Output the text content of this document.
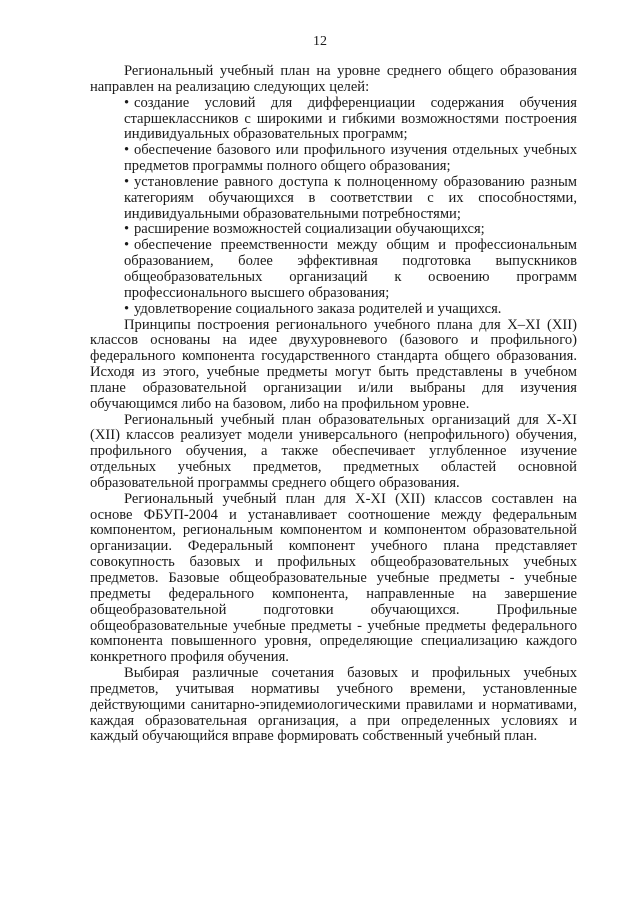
12

Региональный учебный план на уровне среднего общего образования направлен на реализацию следующих целей:

• создание условий для дифференциации содержания обучения старшеклассников с широкими и гибкими возможностями построения индивидуальных образовательных программ;
• обеспечение базового или профильного изучения отдельных учебных предметов программы полного общего образования;
• установление равного доступа к полноценному образованию разным категориям обучающихся в соответствии с их способностями, индивидуальными образовательными потребностями;
• расширение возможностей социализации обучающихся;
• обеспечение преемственности между общим и профессиональным образованием, более эффективная подготовка выпускников общеобразовательных организаций к освоению программ профессионального высшего образования;
• удовлетворение социального заказа родителей и учащихся.

Принципы построения регионального учебного плана для X–XI (XII) классов основаны на идее двухуровневого (базового и профильного) федерального компонента государственного стандарта общего образования. Исходя из этого, учебные предметы могут быть представлены в учебном плане образовательной организации и/или выбраны для изучения обучающимся либо на базовом, либо на профильном уровне.

Региональный учебный план образовательных организаций для X-XI (XII) классов реализует модели универсального (непрофильного) обучения, профильного обучения, а также обеспечивает углубленное изучение отдельных учебных предметов, предметных областей основной образовательной программы среднего общего образования.

Региональный учебный план для X-XI (XII) классов составлен на основе ФБУП-2004 и устанавливает соотношение между федеральным компонентом, региональным компонентом и компонентом образовательной организации. Федеральный компонент учебного плана представляет совокупность базовых и профильных общеобразовательных учебных предметов. Базовые общеобразовательные учебные предметы - учебные предметы федерального компонента, направленные на завершение общеобразовательной подготовки обучающихся. Профильные общеобразовательные учебные предметы - учебные предметы федерального компонента повышенного уровня, определяющие специализацию каждого конкретного профиля обучения.

Выбирая различные сочетания базовых и профильных учебных предметов, учитывая нормативы учебного времени, установленные действующими санитарно-эпидемиологическими правилами и нормативами, каждая образовательная организация, а при определенных условиях и каждый обучающийся вправе формировать собственный учебный план.
